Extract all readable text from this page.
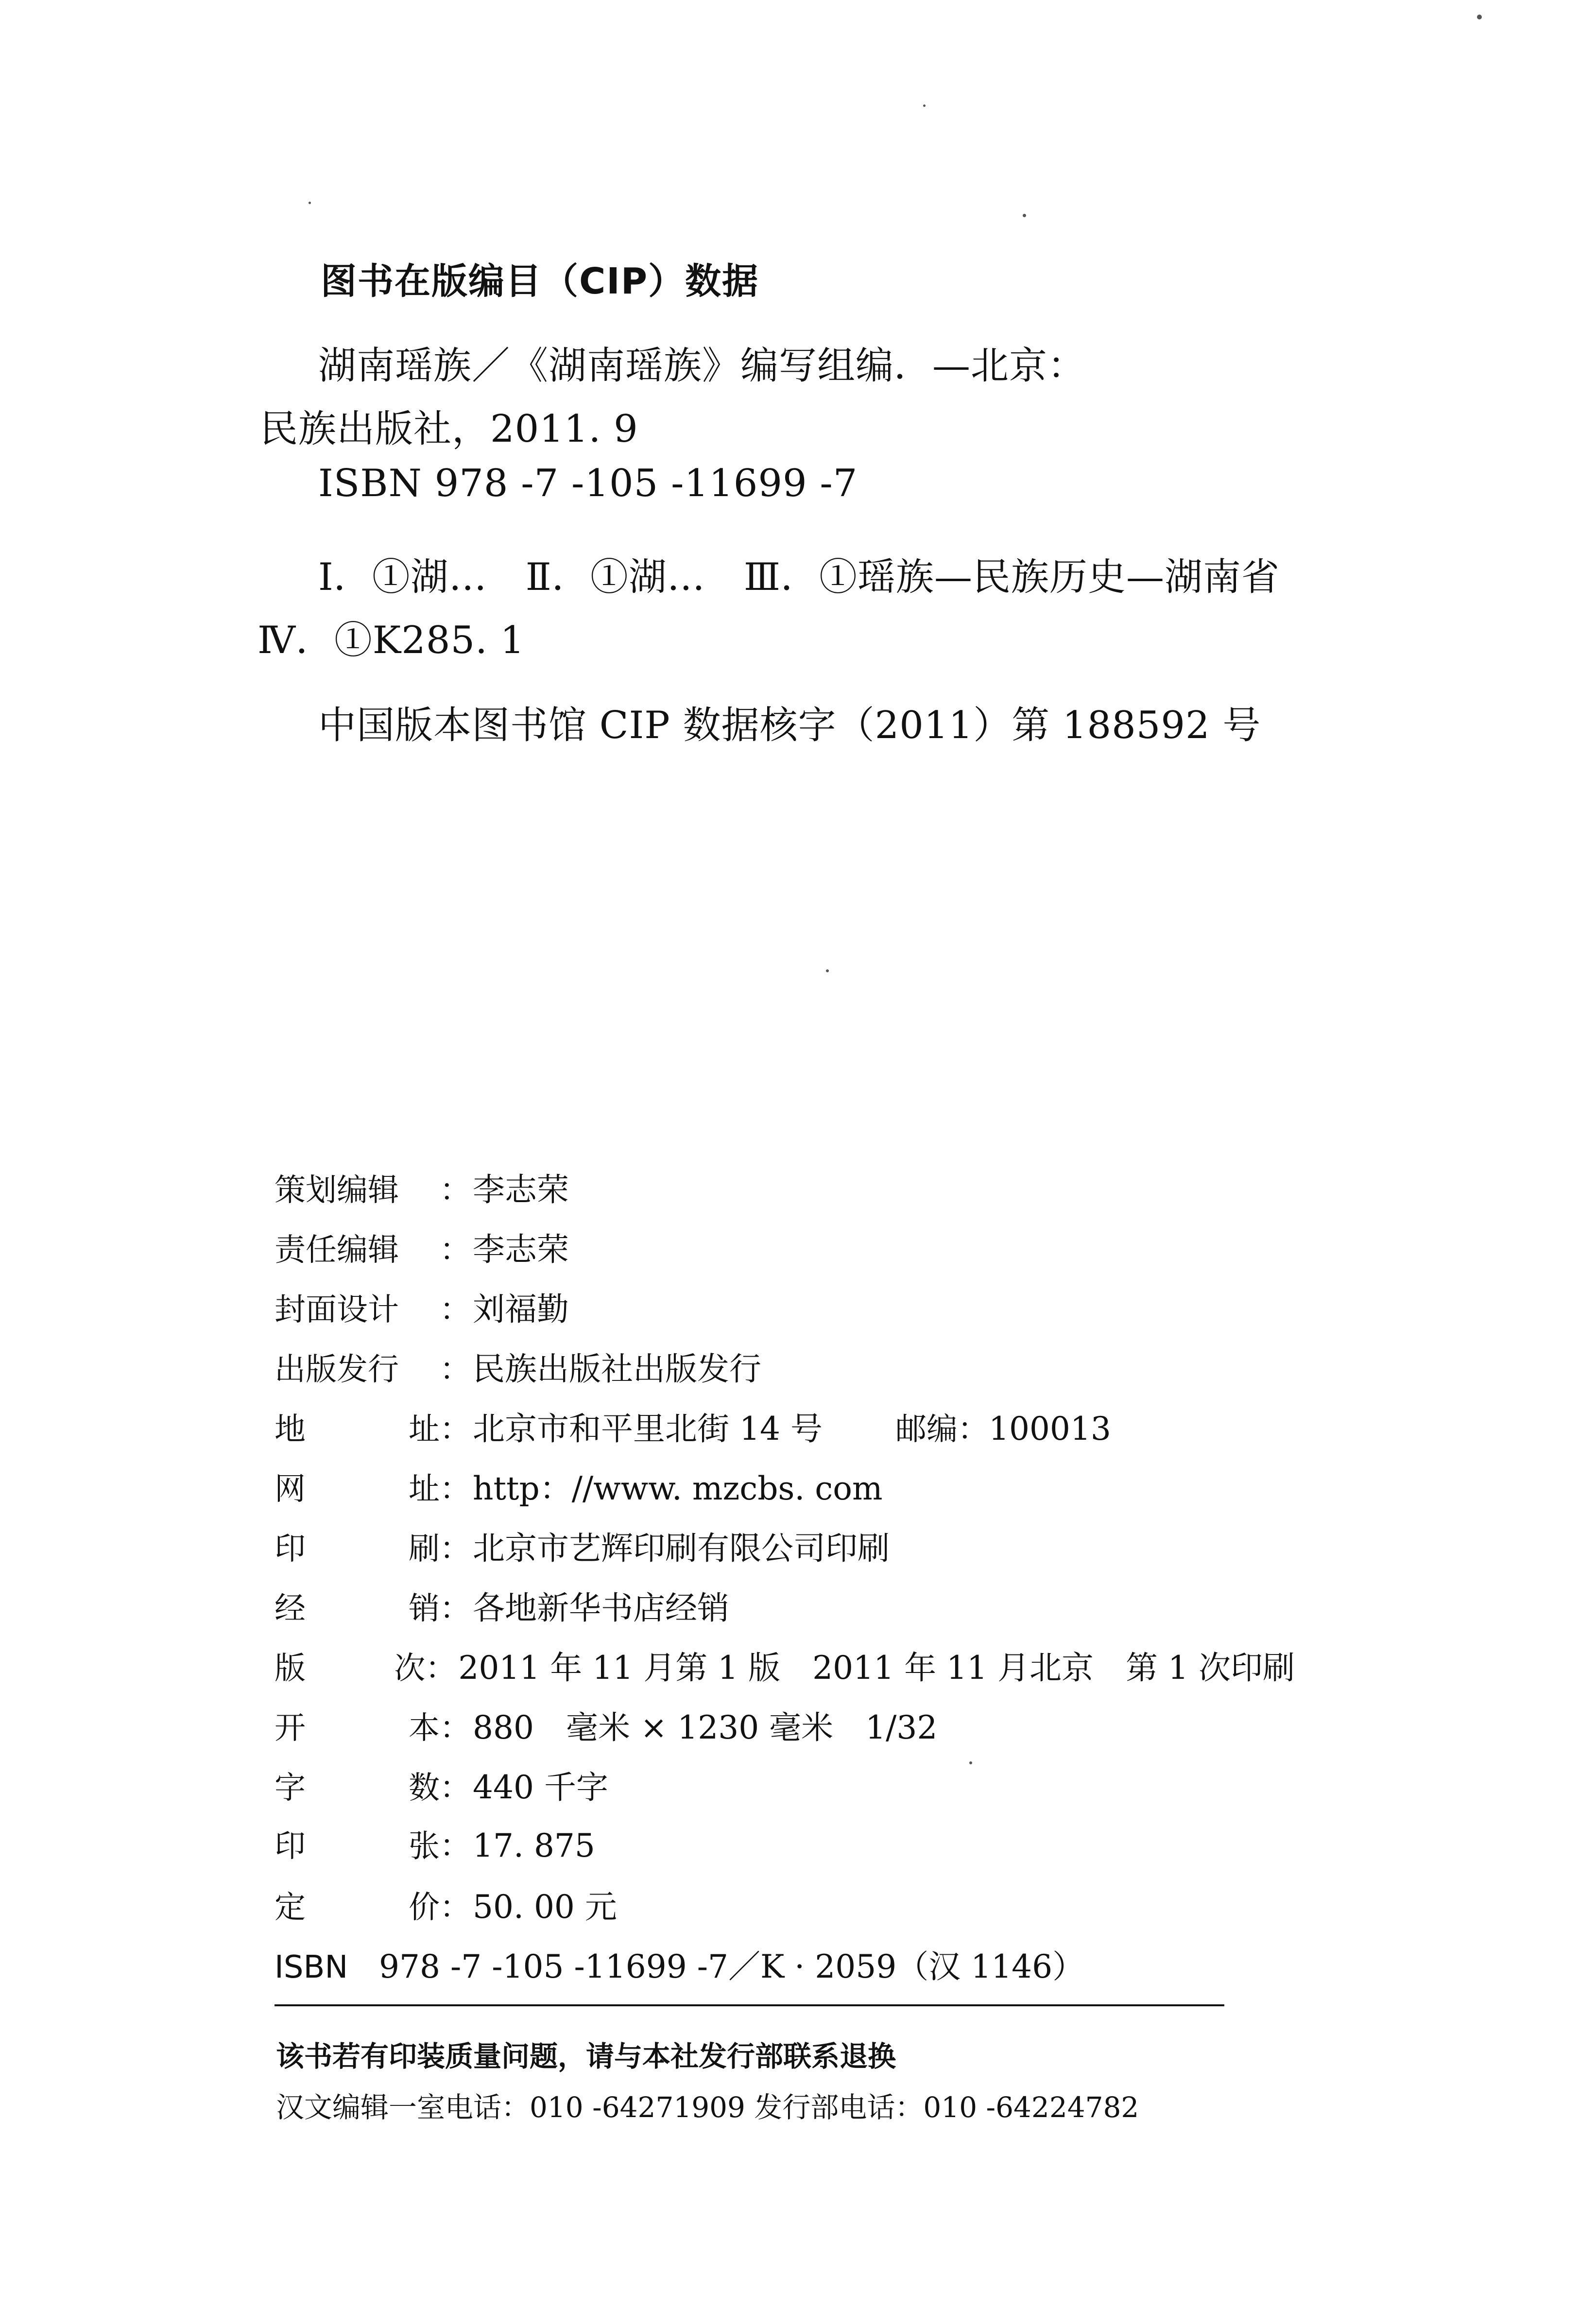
图书在版编目（CIP）数据
湖南瑶族／《湖南瑶族》编写组编．—北京：
民族出版社，2011. 9
ISBN 978 -7 -105 -11699 -7
Ⅰ．①湖…　Ⅱ．①湖…　Ⅲ．①瑶族—民族历史—湖南省
Ⅳ．①K285. 1
中国版本图书馆 CIP 数据核字（2011）第 188592 号
策划编辑 ： 李志荣
责任编辑 ： 李志荣
封面设计 ： 刘福勤
出版发行 ： 民族出版社出版发行
地	址 ： 北京市和平里北街 14 号 邮编： 100013
网	址 ： http：//www. mzcbs. com
印	刷 ： 北京市艺辉印刷有限公司印刷
经	销 ： 各地新华书店经销
版	次 ： 2011 年 11 月第 1 版　2011 年 11 月北京　第 1 次印刷
开	本 ： 880　毫米 × 1230 毫米　1/32
字	数 ： 440 千字
印	张 ： 17. 875
定	价 ： 50. 00 元
ISBN 978 -7 -105 -11699 -7／K · 2059（汉 1146）
该书若有印装质量问题，请与本社发行部联系退换
汉文编辑一室电话：010 -64271909 发行部电话：010 -64224782
